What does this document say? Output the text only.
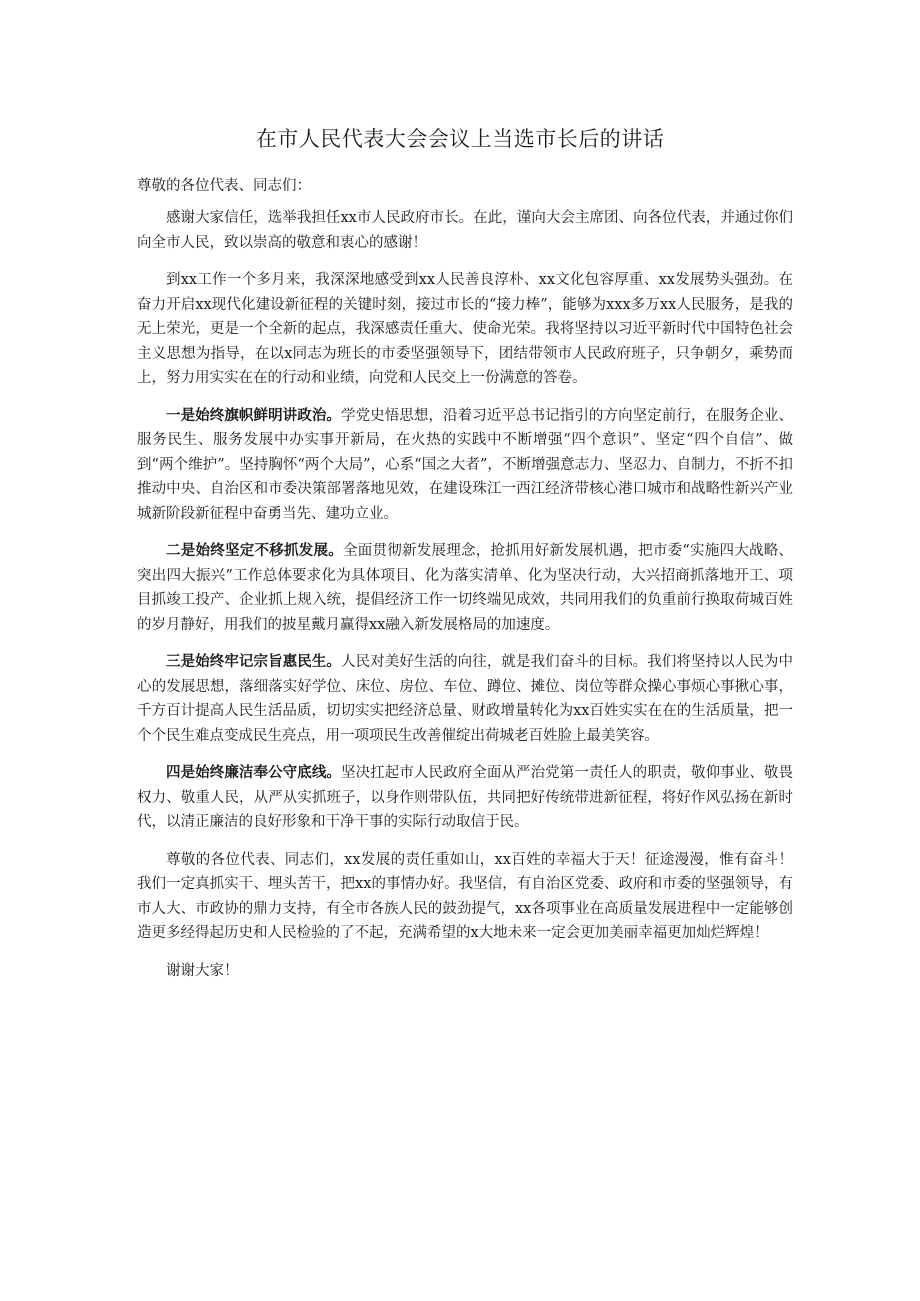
在市人民代表大会会议上当选市长后的讲话
尊敬的各位代表、同志们：

感谢大家信任，选举我担任xx市人民政府市长。在此，谨向大会主席团、向各位代表，并通过你们向全市人民，致以崇高的敬意和衷心的感谢！

到xx工作一个多月来，我深深地感受到xx人民善良淳朴、xx文化包容厚重、xx发展势头强劲。在奋力开启xx现代化建设新征程的关键时刻，接过市长的“接力棒”，能够为xxx多万xx人民服务，是我的无上荣光，更是一个全新的起点，我深感责任重大、使命光荣。我将坚持以习近平新时代中国特色社会主义思想为指导，在以x同志为班长的市委坚强领导下，团结带领市人民政府班子，只争朝夕，乘势而上，努力用实实在在的行动和业绩，向党和人民交上一份满意的答卷。

一是始终旗帜鲜明讲政治。学党史悟思想，沿着习近平总书记指引的方向坚定前行，在服务企业、服务民生、服务发展中办实事开新局，在火热的实践中不断增强“四个意识”、坚定“四个自信”、做到“两个维护”。坚持胸怀“两个大局”，心系“国之大者”，不断增强意志力、坚忍力、自制力，不折不扣推动中央、自治区和市委决策部署落地见效，在建设珠江一西江经济带核心港口城市和战略性新兴产业城新阶段新征程中奋勇当先、建功立业。

二是始终坚定不移抓发展。全面贯彻新发展理念，抢抓用好新发展机遇，把市委“实施四大战略、突出四大振兴”工作总体要求化为具体项目、化为落实清单、化为坚决行动，大兴招商抓落地开工、项目抓竣工投产、企业抓上规入统，提倡经济工作一切终端见成效，共同用我们的负重前行换取荷城百姓的岁月静好，用我们的披星戴月赢得xx融入新发展格局的加速度。

三是始终牢记宗旨惠民生。人民对美好生活的向往，就是我们奋斗的目标。我们将坚持以人民为中心的发展思想，落细落实好学位、床位、房位、车位、蹲位、摊位、岗位等群众操心事烦心事揪心事，千方百计提高人民生活品质，切切实实把经济总量、财政增量转化为xx百姓实实在在的生活质量，把一个个民生难点变成民生亮点，用一项项民生改善催绽出荷城老百姓脸上最美笑容。

四是始终廉洁奉公守底线。坚决扛起市人民政府全面从严治党第一责任人的职责，敬仰事业、敬畏权力、敬重人民，从严从实抓班子，以身作则带队伍，共同把好传统带进新征程，将好作风弘扬在新时代，以清正廉洁的良好形象和干净干事的实际行动取信于民。

尊敬的各位代表、同志们，xx发展的责任重如山，xx百姓的幸福大于天！征途漫漫，惟有奋斗！我们一定真抓实干、埋头苦干，把xx的事情办好。我坚信，有自治区党委、政府和市委的坚强领导，有市人大、市政协的鼎力支持，有全市各族人民的鼓劲提气，xx各项事业在高质量发展进程中一定能够创造更多经得起历史和人民检验的了不起，充满希望的x大地未来一定会更加美丽幸福更加灿烂辉煌！

谢谢大家！
